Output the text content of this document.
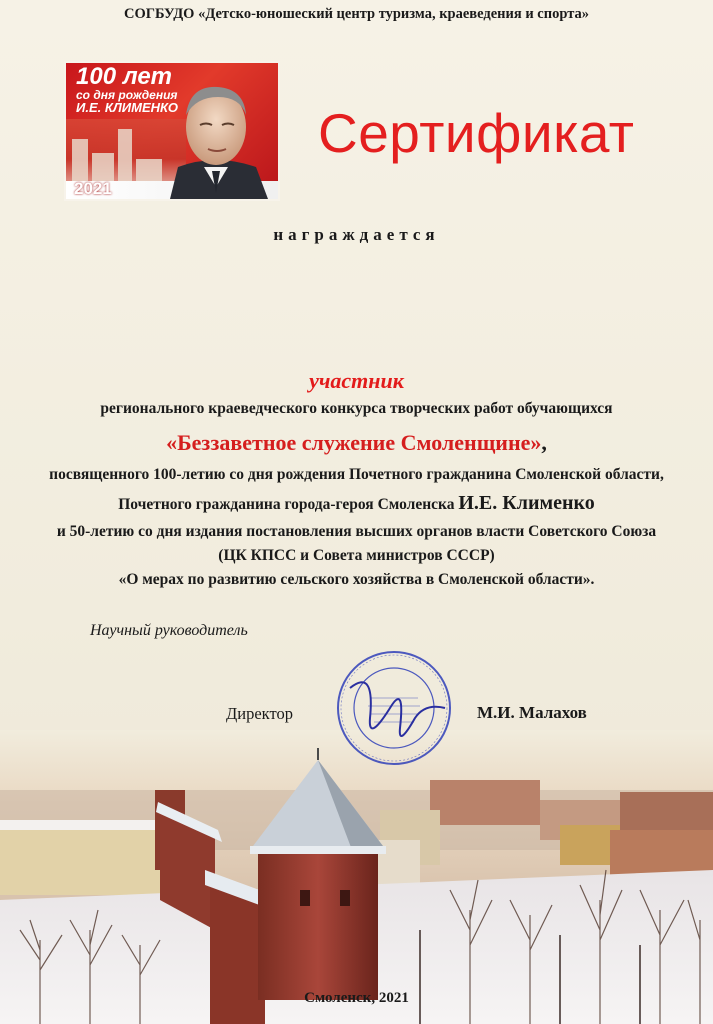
СОГБУДО «Детско-юношеский центр туризма, краеведения и спорта»
100 лет
со дня рождения
И.Е. КЛИМЕНКО
2021
Сертификат
награждается
участник
регионального краеведческого конкурса творческих работ обучающихся
«Беззаветное служение Смоленщине»,
посвященного 100-летию со дня рождения Почетного гражданина Смоленской области,
Почетного гражданина города-героя Смоленска И.Е. Клименко
и 50-летию со дня издания постановления высших органов власти Советского Союза
(ЦК КПСС и Совета министров СССР)
«О мерах по развитию сельского хозяйства в Смоленской области».
Научный руководитель
Директор	М.И. Малахов
Смоленск, 2021
